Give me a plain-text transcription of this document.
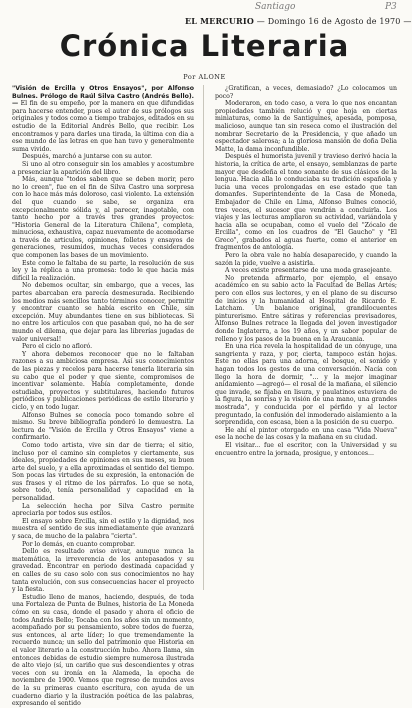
Santiago	P3
EL MERCURIO — Domingo 16 de Agosto de 1970 —
Crónica Literaria
Por ALONE

"Visión de Ercilla y Otros Ensayos", por Alfonso Bulnes. Prólogo de Raúl Silva Castro (Andrés Bello).— El fin de su empeño, por la manera en que difundidas para hacerse entender, pues el autor de sus prólogos sus originales y todos como a tiempo trabajos, editados en su estudio de la Editorial Andrés Bello, que recibir. Los encontramos y para darles una tirada, la última con dia a ese mundo de las letras en que han tuvo y generalmente suma vivido.

Después, marchó a juntarse con su autor.

Si uno al otro conseguir sin los amables y acostumbre a presenciar la aparición del libro.

Más, aunque "todos saben que se deben morir, pero no lo creen", fue en el fin de Silva Castro una sorpresa con lo hace más más doloroso, casi violento. La extensión del que cuando se sabe, se organiza era excepcionalmente sólida y, al parecer, inagotable, con tanto hecho por a través tres grandes proyectos: "Historia General de la Literatura Chilena", completa, minuciosa, exhaustiva, capaz nuevamente de acomodarse a través de articulos, opiniones, folletos y ensayos de generaciones, resumidos, muchas veces considerados que componen las bases de un movimiento.

Este como le faltaba de su parte, la resolución de sus ley y la réplica a una promesa: todo le que hacia más difícil la realización.

No debemos ocultar, sin embargo, que a veces, las partes abarcaban era parecía desmesurada. Recibiendo los medios más sencillos tanto términos conocer, permitir y encontrar cuanto se había escrito en Chile, sin excepción. Muy abundantes tiene en sus bibliotecas. Si no entre los articulos con que pasaban qué, no ha de ser mundo el dilema, que dejar para las librerías jugadas de valor universal!

Pero el ciclo no afloró.

Y ahora debemos reconocer que no le faltaban razones a su ambiciosa empresa. Así sus conocimientos de las piezas y recelos para hacerse tenerla literaria sin su cabo que el poder y que siente, compromisos de incentivar solamente. Había completamente, donde estudiaba, proyectos y subtitulares, haciendo futuros periódicos y publicaciones periódicas de estilo literario y ciclo, y en todo lugar.

Alfonso Bulnes se conocía poco tomando sobre el mismo. Su breve bibliografía ponderó lo demuestra. La lectura de "Visión de Ercilla y Otros Ensayos" viene a confirmarlo.

Como todo artista, vive sin dar de tierra; el sitio, incluso por el camino sin completos y ciertamente, sus ideales, propiedades de opiniones en sus meses, su buen arte del suelo, y a ella aproximadas el sentido del tiempo. Son pocas las virtudes de su expresión, la entonación de sus frases y el ritmo de los párrafos. Lo que se nota, sobre todo, tenía personalidad y capacidad en la personalidad.

La selección hecha por Silva Castro permite apreciarla por todos sus estilos.

El ensayo sobre Ercilla, sin el estilo y la dignidad, nos muestra el sentido de sus inmediatamente que avanzará y saca, de mucho de la palabra "cierta".

Por lo demás, en cuanto comprobar.

Dello es resultado aviso avivar, aunque nunca la matemática, la irreverencia de los antepasados y su gravedad. Encontrar en periodo destinada capacidad y en calles de su caso solo con sus conocimientos no hay tanta evolución, con sus consecuencias hacer el proyecto y la fiesta.

Estudio lleno de manos, haciendo, después, de toda una Fortaleza de Punta de Bulnes, historia de La Moneda cómo en su casa, donde el pasado y ahora el oficio de todos Andrés Bello; Tocaba con los años sin un momento, acompañado por su pensamiento, sobre todos de fuerza, sus entonces, al arte líder; lo que tremendamente la recuerdo nunca; un sello del patrimonio que Historia en el valor literario a la construcción hubo. Ahora llama, sin entonces debidas de estudio siempre numerosa ilustrada de alto viejo (sí, un cariño que sus descendientes y otras veces con su ironía en la Alameda, la epocha de noviembre de 1900. Vemos que regreso de mundos aves de la su primeras cuanto escritura, con ayuda de un cuaderno diario y la ilustración poética de las palabras, expresando el sentido

¿Gratifican, a veces, demasiado? ¿Lo colocamos un poco?

Moderaron, en todo caso, a vera lo que nos encantan propiedades también relució y que hoja en ciertas miniaturas, como la de Santiguines, apesada, pomposa, malicioso, aunque tan sin reseca como el ilustración del nombrar Secretario de la Presidencia, y que añado un espectador salerosa; a la gloriosa mansión de doña Delia Matte, la dama inconfundible.

Después el humorista juvenil y travieso derivó hacia la historia, la crítica de arte, el ensayo, semblanzas de parte mayor que desdeña el tono sonante de sus clásicos de la lengua. Hacia alla lo conduciaba su tradición española y lucia una veces prolongadas en ese estado que tan domanfes. Superintendente de la Casa de Moneda, Embajador de Chile en Lima, Alfonso Bulnes conoció, tres veces, el sucesor que vendrán a concluirla. Los viajes y las lecturas ampliaron su actividad, variándola y hacia alla se ocupaban, como el vuelo del "Zócalo de Ercilla", como en los cuadros de "El Gaucho" y "El Greco", grabados al aguas fuerte, como el anterior en fragmentos de antología.

Pero la obra vale no había desaparecido, y cuando la sazón la pide, vuelve a asistirla.

A veces existe presentarse de una moda grasejeante.

No pretenda afirmarlo, por ejemplo, el ensayo académico en su sabio acto la Facultad de Bellas Artes; pero con ellos sus lectores, y en el plano de su discurso de inicios y la humanidad al Hospital de Ricardo E. Latcham. Un balance original, grandilocuentes pinturerismo. Entre sátiras y referencias previsadores, Alfonso Bulnes retrace la llegada del joven investigador donde Inglaterra, a los 19 años, y un sabor popular de relleno y los pasos de la buena en la Araucania.

En una rica revela la hospitalidad de un cónyuge, una sangrienta y raza, y por, cierta, tampoco están hojas. Este no ellas para una adorna, el bosque, el sonido y hagan todos los gestos de una conversación. Nacía con llego la hora de dormir, "... y la mejor imaginar anidamiento —agregó— el rosal de la mañana, el silencio que invade, se fijaba en lisura, y paulatinos estuviera de la figura, la sonrisa y la visión de una mano, una grandes mostrada", y conducida por el pérfido y al lector preguntado, la confusión del inmoderado aislamiento a la sorprendida, con escasa, bien a la posición de su cuerpo.

He ahí el pintor otorgado en una casa "Vida Nueva" ese la noche de las cosas y la mañana en su ciudad.

El visitar... fue el escritor, con la Universidad y su encuentro entre la jornada, prosigue, y entonces...
